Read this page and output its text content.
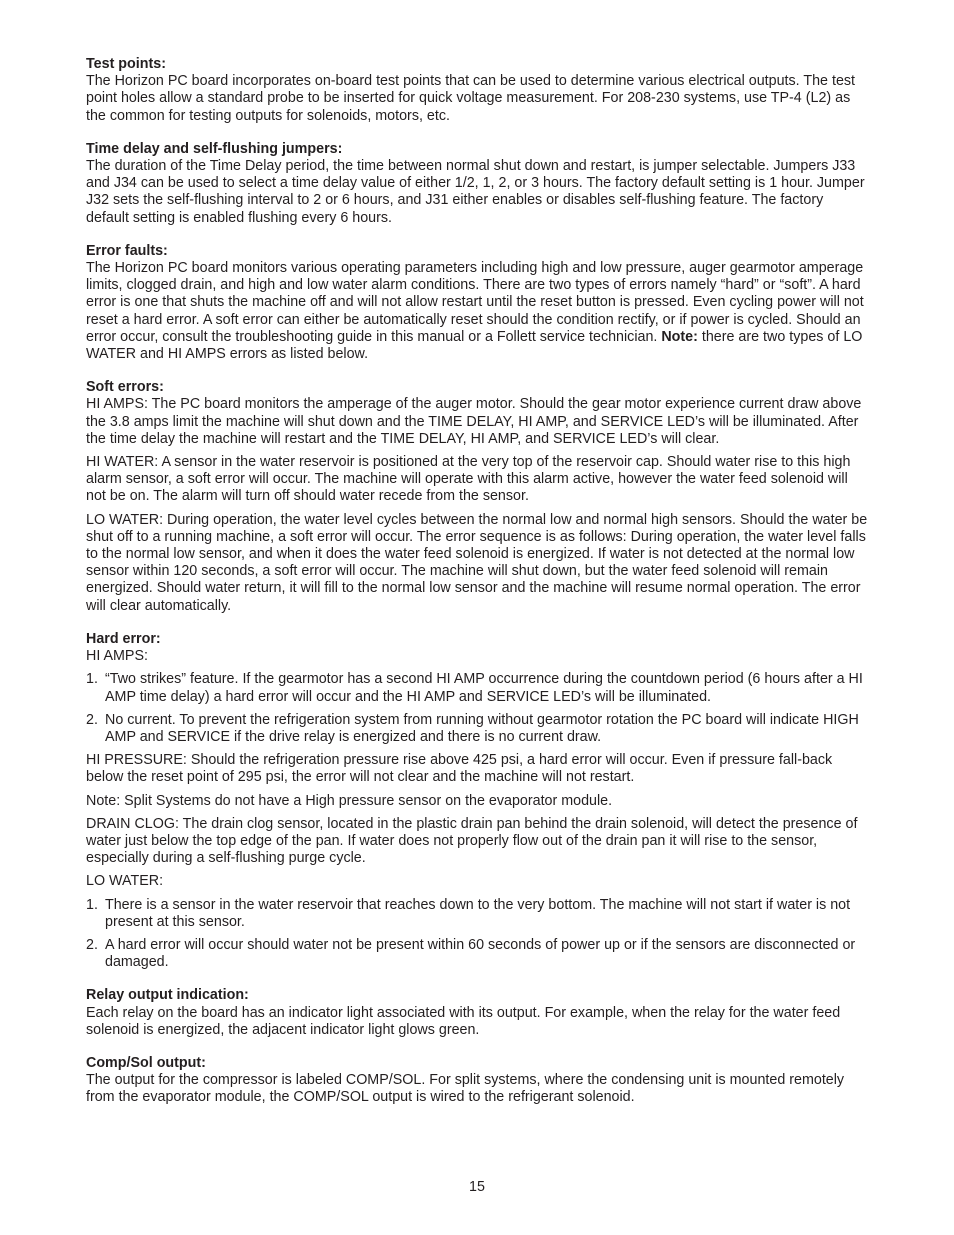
Test points:

The Horizon PC board incorporates on-board test points that can be used to determine various electrical outputs. The test point holes allow a standard probe to be inserted for quick voltage measurement. For 208-230 systems, use TP-4 (L2) as the common for testing outputs for solenoids, motors, etc.

Time delay and self-flushing jumpers:

The duration of the Time Delay period, the time between normal shut down and restart, is jumper selectable. Jumpers J33 and J34 can be used to select a time delay value of either 1/2, 1, 2, or 3 hours. The factory default setting is 1 hour. Jumper J32 sets the self-flushing interval to 2 or 6 hours, and J31 either enables or disables self-flushing feature. The factory default setting is enabled flushing every 6 hours.

Error faults:

The Horizon PC board monitors various operating parameters including high and low pressure, auger gearmotor amperage limits, clogged drain, and high and low water alarm conditions. There are two types of errors namely “hard” or “soft”. A hard error is one that shuts the machine off and will not allow restart until the reset button is pressed. Even cycling power will not reset a hard error. A soft error can either be automatically reset should the condition rectify, or if power is cycled. Should an error occur, consult the troubleshooting guide in this manual or a Follett service technician. Note: there are two types of LO WATER and HI AMPS errors as listed below.

Soft errors:

HI AMPS: The PC board monitors the amperage of the auger motor. Should the gear motor experience current draw above the 3.8 amps limit the machine will shut down and the TIME DELAY, HI AMP, and SERVICE LED’s will be illuminated. After the time delay the machine will restart and the TIME DELAY, HI AMP, and SERVICE LED’s will clear.

HI WATER: A sensor in the water reservoir is positioned at the very top of the reservoir cap. Should water rise to this high alarm sensor, a soft error will occur. The machine will operate with this alarm active, however the water feed solenoid will not be on. The alarm will turn off should water recede from the sensor.

LO WATER: During operation, the water level cycles between the normal low and normal high sensors. Should the water be shut off to a running machine, a soft error will occur. The error sequence is as follows: During operation, the water level falls to the normal low sensor, and when it does the water feed solenoid is energized. If water is not detected at the normal low sensor within 120 seconds, a soft error will occur. The machine will shut down, but the water feed solenoid will remain energized. Should water return, it will fill to the normal low sensor and the machine will resume normal operation. The error will clear automatically.

Hard error:

HI AMPS:

1. “Two strikes” feature. If the gearmotor has a second HI AMP occurrence during the countdown period (6 hours after a HI AMP time delay) a hard error will occur and the HI AMP and SERVICE LED’s will be illuminated.
2. No current. To prevent the refrigeration system from running without gearmotor rotation the PC board will indicate HIGH AMP and SERVICE if the drive relay is energized and there is no current draw.

HI PRESSURE: Should the refrigeration pressure rise above 425 psi, a hard error will occur. Even if pressure fall-back below the reset point of 295 psi, the error will not clear and the machine will not restart.

Note: Split Systems do not have a High pressure sensor on the evaporator module.

DRAIN CLOG: The drain clog sensor, located in the plastic drain pan behind the drain solenoid, will detect the presence of water just below the top edge of the pan. If water does not properly flow out of the drain pan it will rise to the sensor, especially during a self-flushing purge cycle.

LO WATER:

1. There is a sensor in the water reservoir that reaches down to the very bottom. The machine will not start if water is not present at this sensor.
2. A hard error will occur should water not be present within 60 seconds of power up or if the sensors are disconnected or damaged.
Relay output indication:

Each relay on the board has an indicator light associated with its output. For example, when the relay for the water feed solenoid is energized, the adjacent indicator light glows green.

Comp/Sol output:

The output for the compressor is labeled COMP/SOL. For split systems, where the condensing unit is mounted remotely from the evaporator module, the COMP/SOL output is wired to the refrigerant solenoid.

15
